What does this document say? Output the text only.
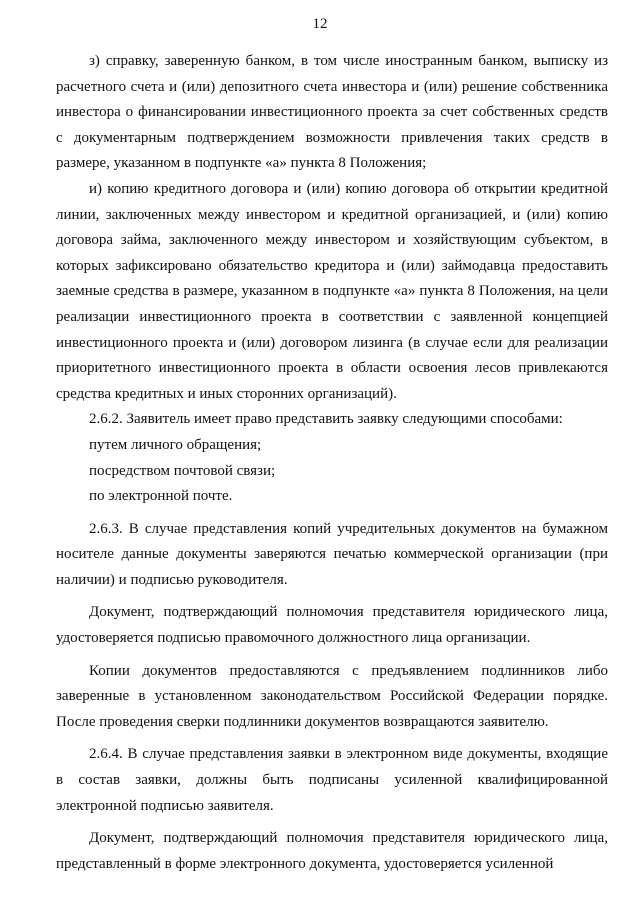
12

з) справку, заверенную банком, в том числе иностранным банком, выписку из расчетного счета и (или) депозитного счета инвестора и (или) решение собственника инвестора о финансировании инвестиционного проекта за счет собственных средств с документарным подтверждением возможности привлечения таких средств в размере, указанном в подпункте «а» пункта 8 Положения;

и) копию кредитного договора и (или) копию договора об открытии кредитной линии, заключенных между инвестором и кредитной организацией, и (или) копию договора займа, заключенного между инвестором и хозяйствующим субъектом, в которых зафиксировано обязательство кредитора и (или) займодавца предоставить заемные средства в размере, указанном в подпункте «а» пункта 8 Положения, на цели реализации инвестиционного проекта в соответствии с заявленной концепцией инвестиционного проекта и (или) договором лизинга (в случае если для реализации приоритетного инвестиционного проекта в области освоения лесов привлекаются средства кредитных и иных сторонних организаций).

2.6.2. Заявитель имеет право представить заявку следующими способами:

путем личного обращения;

посредством почтовой связи;

по электронной почте.

2.6.3. В случае представления копий учредительных документов на бумажном носителе данные документы заверяются печатью коммерческой организации (при наличии) и подписью руководителя.

Документ, подтверждающий полномочия представителя юридического лица, удостоверяется подписью правомочного должностного лица организации.

Копии документов предоставляются с предъявлением подлинников либо заверенные в установленном законодательством Российской Федерации порядке. После проведения сверки подлинники документов возвращаются заявителю.

2.6.4. В случае представления заявки в электронном виде документы, входящие в состав заявки, должны быть подписаны усиленной квалифицированной электронной подписью заявителя.

Документ, подтверждающий полномочия представителя юридического лица, представленный в форме электронного документа, удостоверяется усиленной
